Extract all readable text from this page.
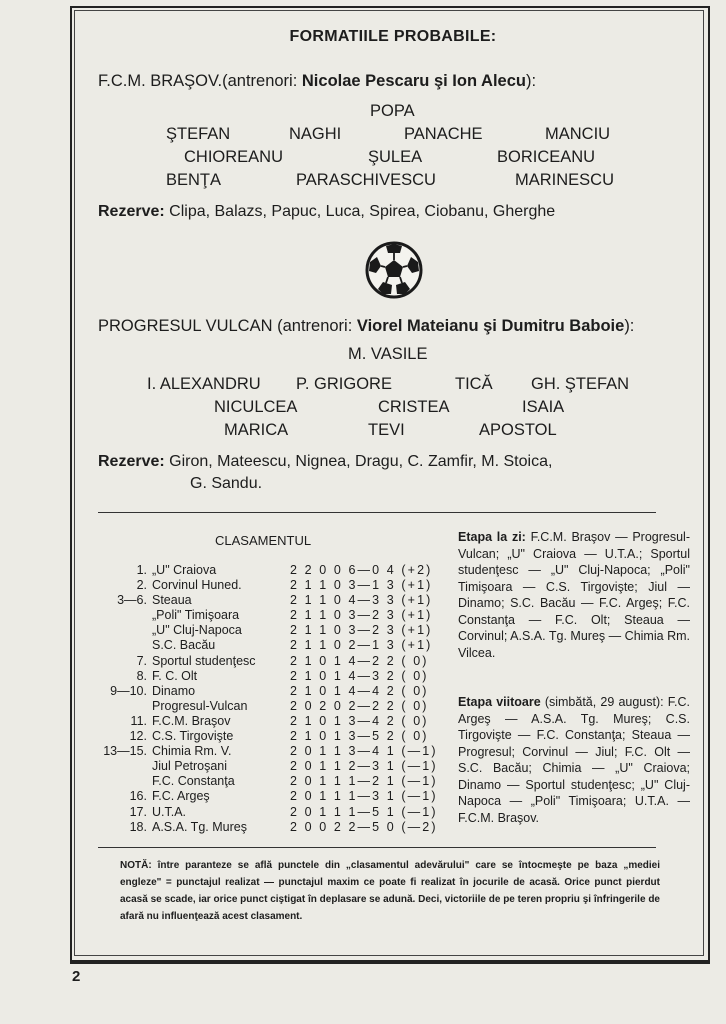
FORMATIILE PROBABILE:
F.C.M. BRAŞOV.(antrenori: Nicolae Pescaru şi Ion Alecu):
POPA
ŞTEFAN	NAGHI	PANACHE	MANCIU
CHIOREANU	ŞULEA	BORICEANU
BENŢA	PARASCHIVESCU	MARINESCU
Rezerve: Clipa, Balazs, Papuc, Luca, Spirea, Ciobanu, Gherghe
PROGRESUL VULCAN (antrenori: Viorel Mateianu şi Dumitru Baboie):
M. VASILE
I. ALEXANDRU P. GRIGORE	TICĂ GH. ŞTEFAN
NICULCEA	CRISTEA	ISAIA
MARICA	TEVI	APOSTOL
Rezerve: Giron, Mateescu, Nignea, Dragu, C. Zamfir, M. Stoica,
G. Sandu.
CLASAMENTUL
1. „U" Craiova	2 2 0 0 6—0 4 (+2)
2. Corvinul Huned.	2 1 1 0 3—1 3 (+1)
3—6. Steaua	2 1 1 0 4—3 3 (+1)
„Poli" Timişoara	2 1 1 0 3—2 3 (+1)
„U" Cluj-Napoca	2 1 1 0 3—2 3 (+1)
S.C. Bacău	2 1 1 0 2—1 3 (+1)
7. Sportul studenţesc	2 1 0 1 4—2 2 ( 0)
8. F. C. Olt	2 1 0 1 4—3 2 ( 0)
9—10. Dinamo	2 1 0 1 4—4 2 ( 0)
Progresul-Vulcan	2 0 2 0 2—2 2 ( 0)
11. F.C.M. Braşov	2 1 0 1 3—4 2 ( 0)
12. C.S. Tirgovişte	2 1 0 1 3—5 2 ( 0)
13—15. Chimia Rm. V.	2 0 1 1 3—4 1 (—1)
Jiul Petroşani	2 0 1 1 2—3 1 (—1)
F.C. Constanţa	2 0 1 1 1—2 1 (—1)
16. F.C. Argeş	2 0 1 1 1—3 1 (—1)
17. U.T.A.	2 0 1 1 1—5 1 (—1)
18. A.S.A. Tg. Mureş	2 0 0 2 2—5 0 (—2)
Etapa la zi: F.C.M. Braşov — Progresul-Vulcan; „U" Craiova — U.T.A.; Sportul studenţesc — „U" Cluj-Napoca; „Poli" Timişoara — C.S. Tirgovişte; Jiul — Dinamo; S.C. Bacău — F.C. Argeş; F.C. Constanţa — F.C. Olt; Steaua — Corvinul; A.S.A. Tg. Mureş — Chimia Rm. Vilcea.
Etapa viitoare (simbătă, 29 august): F.C. Argeş — A.S.A. Tg. Mureş; C.S. Tirgovişte — F.C. Constanţa; Steaua — Progresul; Corvinul — Jiul; F.C. Olt — S.C. Bacău; Chimia — „U" Craiova; Dinamo — Sportul studenţesc; „U" Cluj-Napoca — „Poli" Timişoara; U.T.A. — F.C.M. Braşov.
NOTĂ: între paranteze se află punctele din „clasamentul adevărului" care se întocmeşte pe baza „mediei engleze" = punctajul realizat — punctajul maxim ce poate fi realizat în jocurile de acasă. Orice punct pierdut acasă se scade, iar orice punct ciştigat în deplasare se adună. Deci, victoriile de pe teren propriu şi înfringerile de afară nu influenţează acest clasament.
2
